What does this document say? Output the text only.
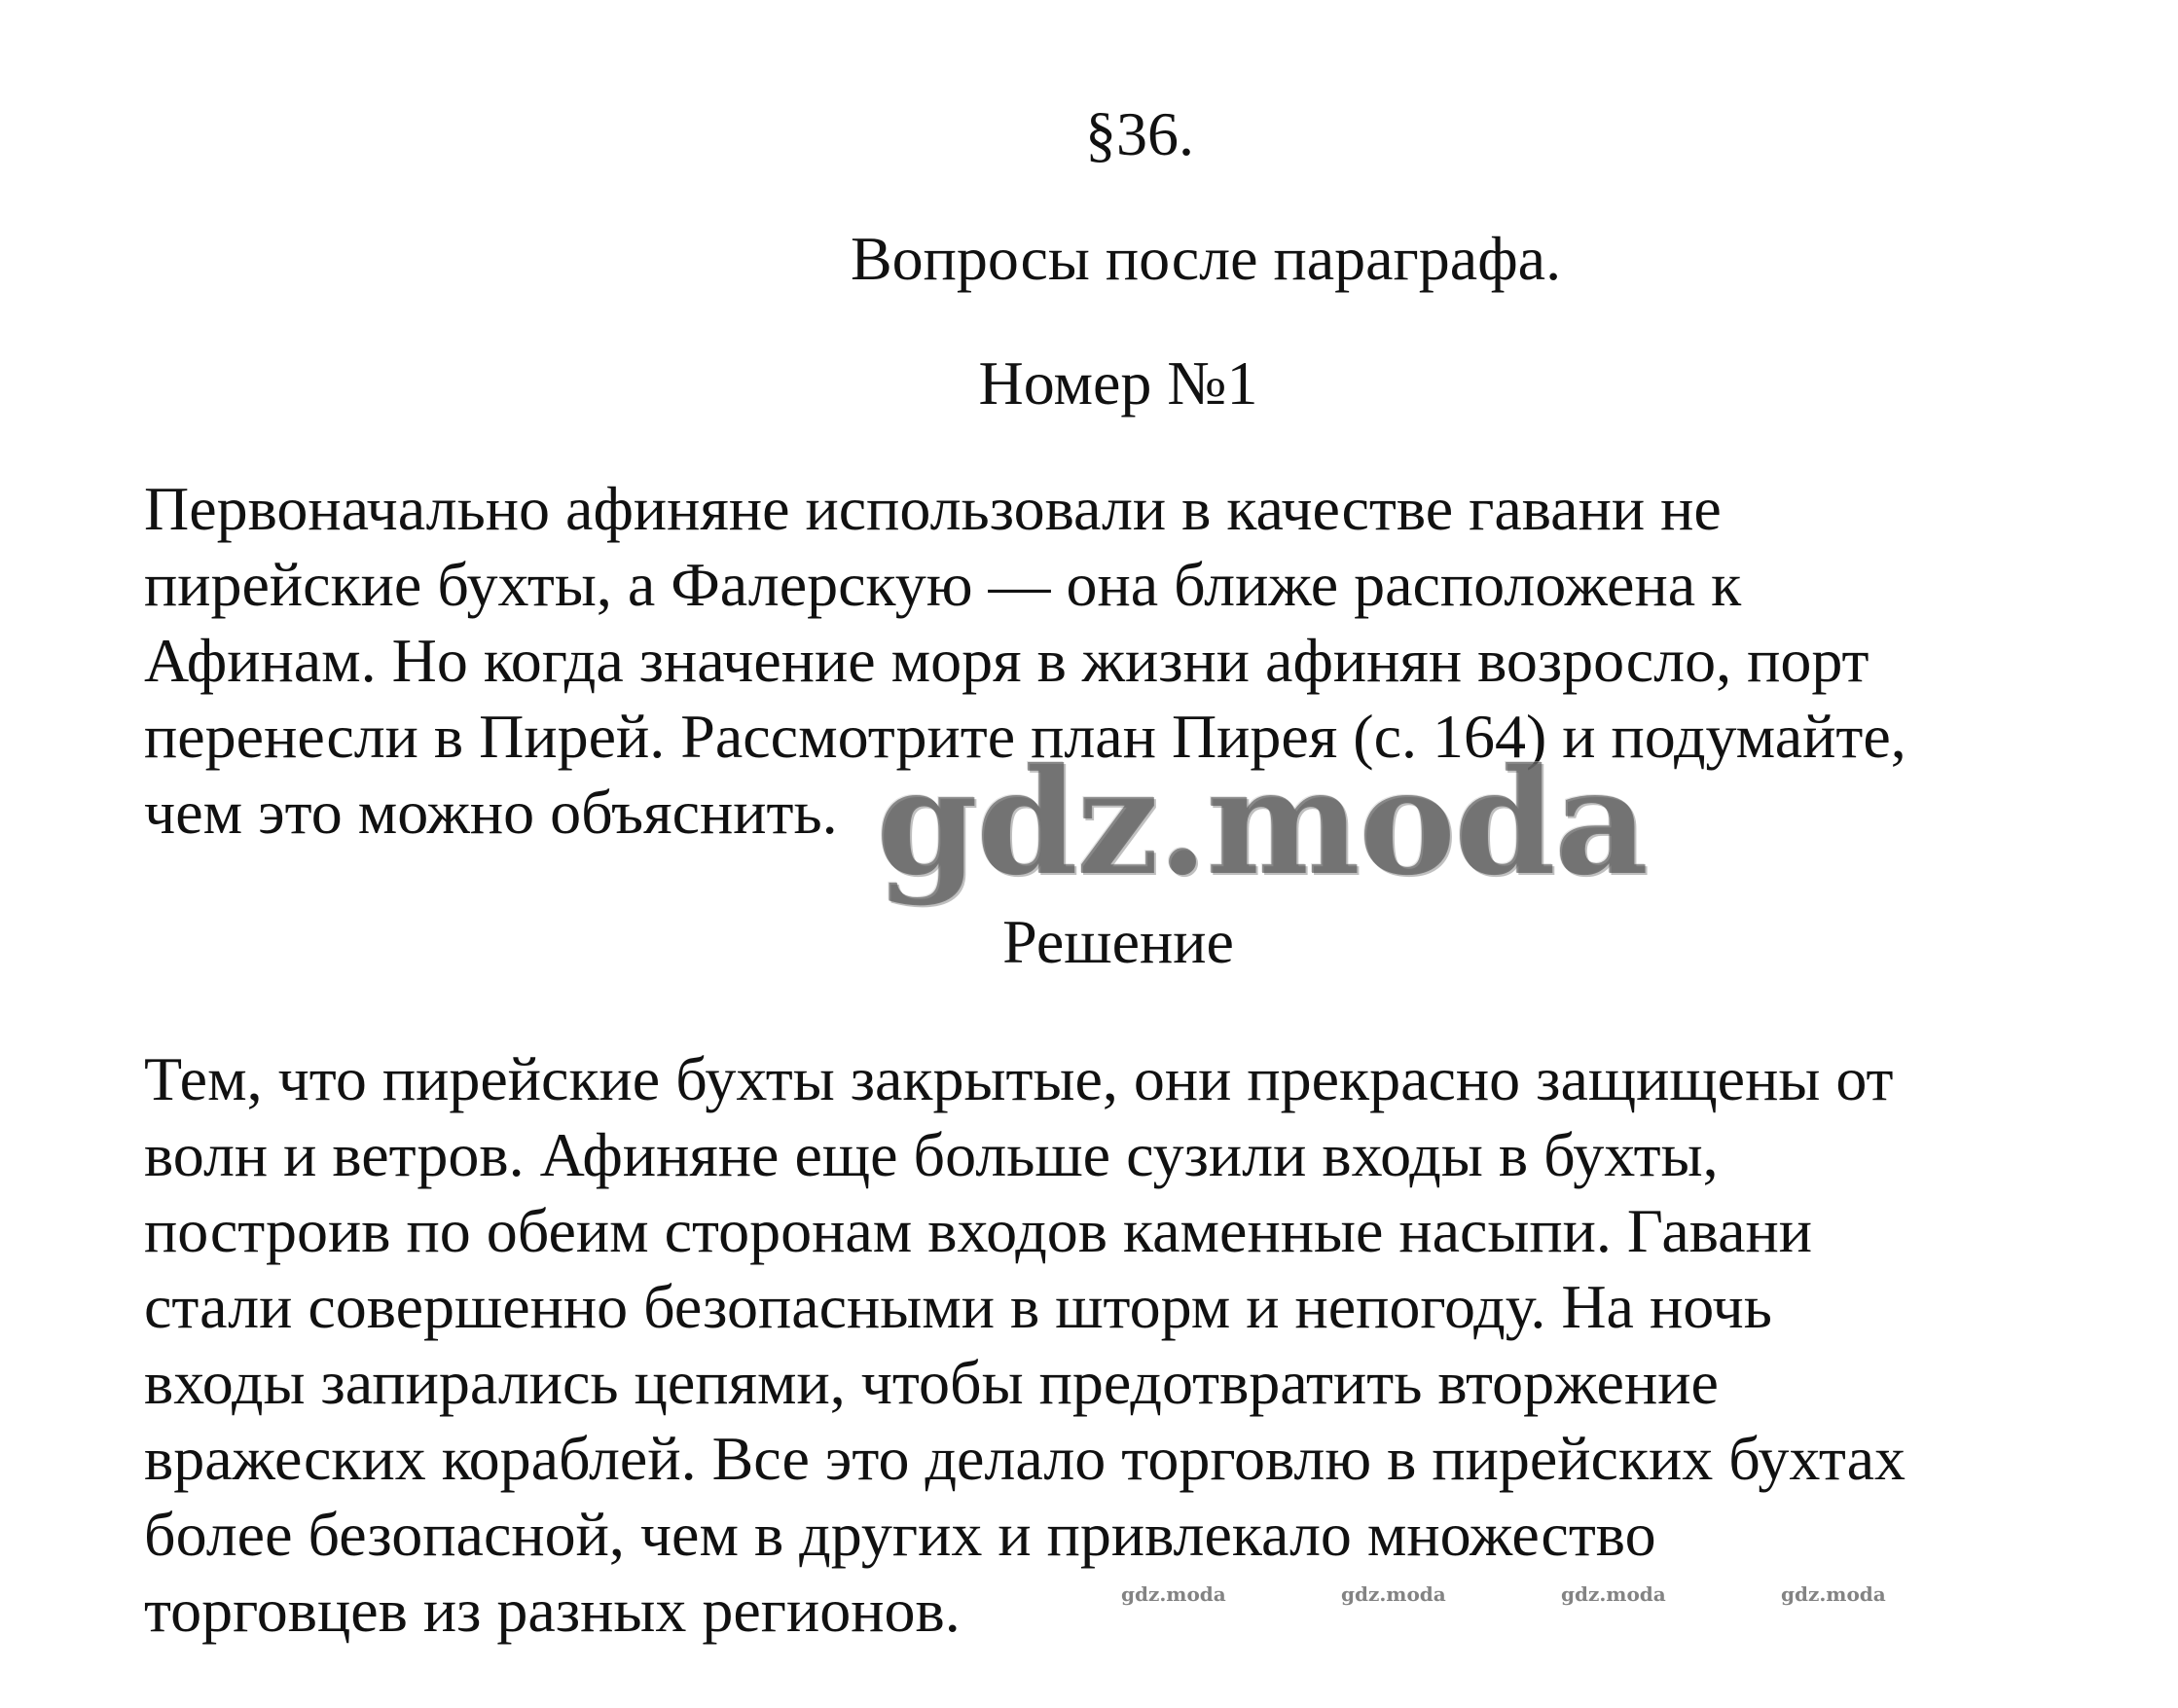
§36.
Вопросы после параграфа.
Номер №1
Первоначально афиняне использовали в качестве гавани не
пирейские бухты, а Фалерскую — она ближе расположена к
Афинам. Но когда значение моря в жизни афинян возросло, порт
перенесли в Пирей. Рассмотрите план Пирея (с. 164) и подумайте,
чем это можно объяснить. gdz.moda
Решение
Тем, что пирейские бухты закрытые, они прекрасно защищены от
волн и ветров. Афиняне еще больше сузили входы в бухты,
построив по обеим сторонам входов каменные насыпи. Гавани
стали совершенно безопасными в шторм и непогоду. На ночь
входы запирались цепями, чтобы предотвратить вторжение
вражеских кораблей. Все это делало торговлю в пирейских бухтах
более безопасной, чем в других и привлекало множество
торговцев из разных регионов.	gdz.moda	gdz.moda	gdz.moda	gdz.moda
